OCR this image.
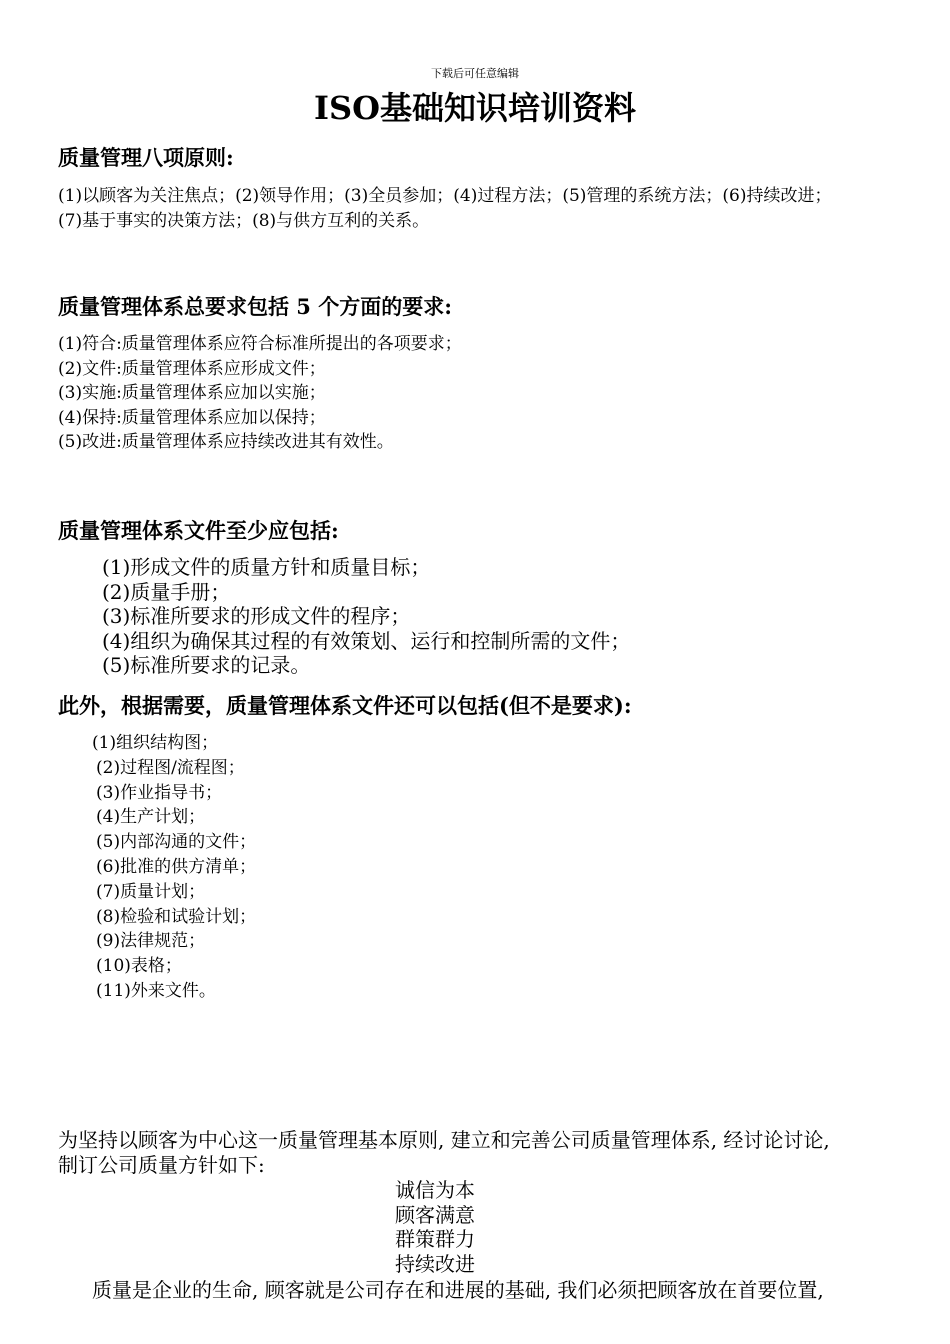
下载后可任意编辑
ISO基础知识培训资料
质量管理八项原则:
(1)以顾客为关注焦点；(2)领导作用；(3)全员参加；(4)过程方法；(5)管理的系统方法；(6)持续改进；
(7)基于事实的决策方法；(8)与供方互利的关系。
质量管理体系总要求包括 5 个方面的要求:
(1)符合:质量管理体系应符合标准所提出的各项要求；
(2)文件:质量管理体系应形成文件；
(3)实施:质量管理体系应加以实施；
(4)保持:质量管理体系应加以保持；
(5)改进:质量管理体系应持续改进其有效性。
质量管理体系文件至少应包括:
(1)形成文件的质量方针和质量目标；
(2)质量手册；
(3)标准所要求的形成文件的程序；
(4)组织为确保其过程的有效策划、运行和控制所需的文件；
(5)标准所要求的记录。
此外，根据需要，质量管理体系文件还可以包括(但不是要求):
(1)组织结构图；
(2)过程图/流程图；
(3)作业指导书；
(4)生产计划；
(5)内部沟通的文件；
(6)批准的供方清单；
(7)质量计划；
(8)检验和试验计划；
(9)法律规范；
(10)表格；
(11)外来文件。
为坚持以顾客为中心这一质量管理基本原则, 建立和完善公司质量管理体系, 经讨论讨论,
制订公司质量方针如下:
诚信为本
顾客满意
群策群力
持续改进

质量是企业的生命, 顾客就是公司存在和进展的基础, 我们必须把顾客放在首要位置,
